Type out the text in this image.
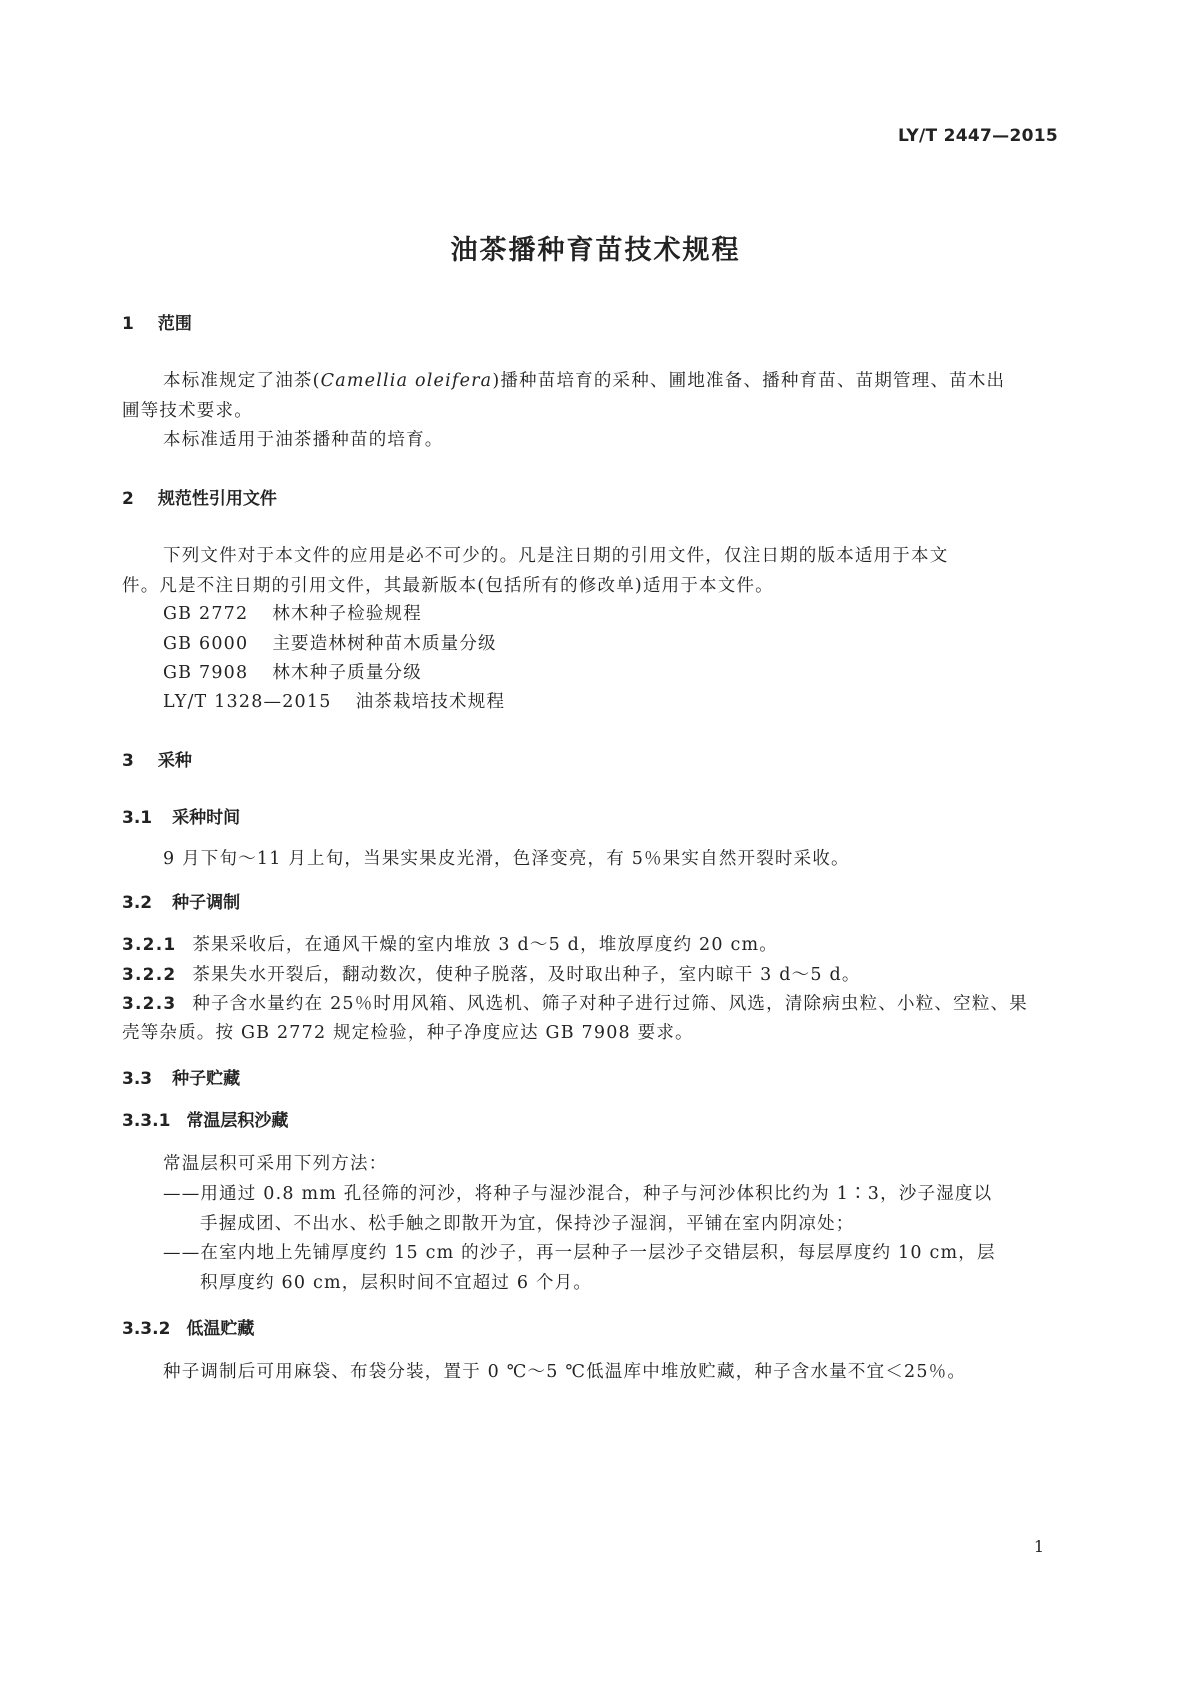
LY/T 2447—2015
油茶播种育苗技术规程
1 范围
本标准规定了油茶(Camellia oleifera)播种苗培育的采种、圃地准备、播种育苗、苗期管理、苗木出
圃等技术要求。
本标准适用于油茶播种苗的培育。
2 规范性引用文件
下列文件对于本文件的应用是必不可少的。凡是注日期的引用文件，仅注日期的版本适用于本文
件。凡是不注日期的引用文件，其最新版本(包括所有的修改单)适用于本文件。
GB 2772 林木种子检验规程
GB 6000 主要造林树种苗木质量分级
GB 7908 林木种子质量分级
LY/T 1328—2015 油茶栽培技术规程
3 采种
3.1 采种时间
9 月下旬～11 月上旬，当果实果皮光滑，色泽变亮，有 5％果实自然开裂时采收。
3.2 种子调制
3.2.1 茶果采收后，在通风干燥的室内堆放 3 d～5 d，堆放厚度约 20 cm。
3.2.2 茶果失水开裂后，翻动数次，使种子脱落，及时取出种子，室内晾干 3 d～5 d。
3.2.3 种子含水量约在 25％时用风箱、风选机、筛子对种子进行过筛、风选，清除病虫粒、小粒、空粒、果
壳等杂质。按 GB 2772 规定检验，种子净度应达 GB 7908 要求。
3.3 种子贮藏
3.3.1 常温层积沙藏
常温层积可采用下列方法：
——用通过 0.8 mm 孔径筛的河沙，将种子与湿沙混合，种子与河沙体积比约为 1∶3，沙子湿度以
手握成团、不出水、松手触之即散开为宜，保持沙子湿润，平铺在室内阴凉处；
——在室内地上先铺厚度约 15 cm 的沙子，再一层种子一层沙子交错层积，每层厚度约 10 cm，层
积厚度约 60 cm，层积时间不宜超过 6 个月。
3.3.2 低温贮藏
种子调制后可用麻袋、布袋分装，置于 0 ℃～5 ℃低温库中堆放贮藏，种子含水量不宜＜25％。
1
